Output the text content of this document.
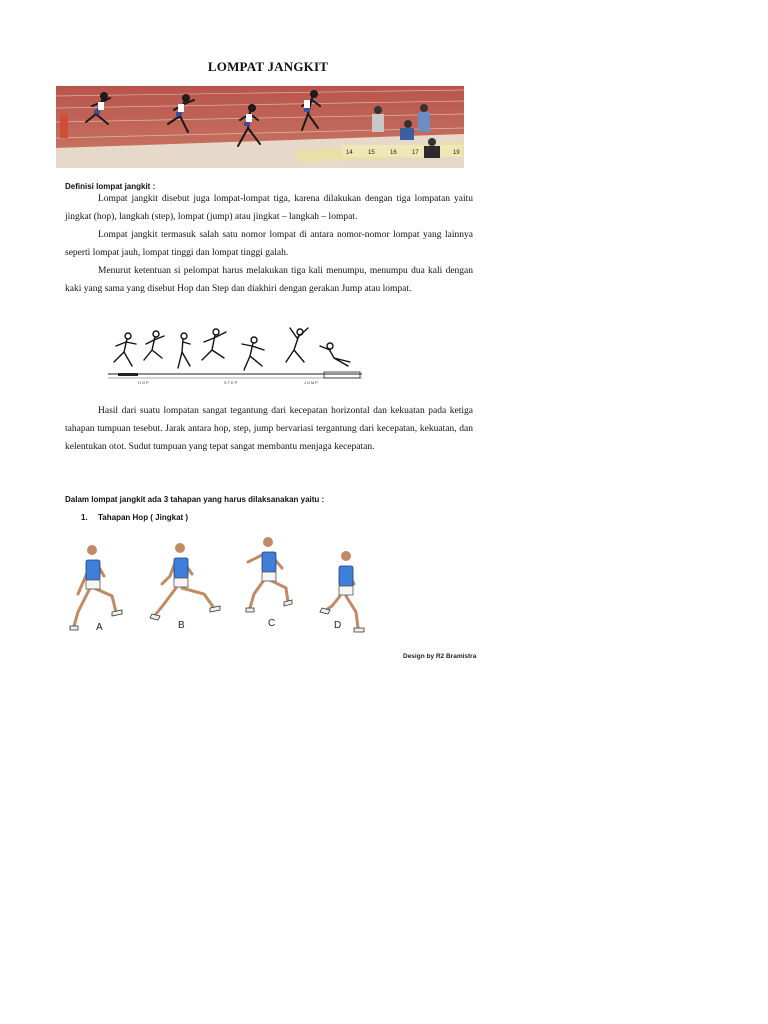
LOMPAT JANGKIT
14	15	16	17	19
Definisi lompat jangkit :

Lompat jangkit disebut juga lompat-lompat tiga, karena dilakukan dengan tiga lompatan yaitu jingkat (hop), langkah (step), lompat (jump) atau jingkat – langkah – lompat.

Lompat jangkit termasuk salah satu nomor lompat di antara nomor-nomor lompat yang lainnya seperti lompat jauh, lompat tinggi dan lompat tinggi galah.

Menurut ketentuan si pelompat harus melakukan tiga kali menumpu, menumpu dua kali dengan kaki yang sama yang disebut Hop dan Step dan diakhiri dengan gerakan Jump atau lompat.

HOP	STEP	JUMP

Hasil dari suatu lompatan sangat tegantung dari kecepatan horizontal dan kekuatan pada ketiga tahapan tumpuan tesebut. Jarak antara hop, step, jump bervariasi tergantung dari kecepatan, kekuatan, dan kelentukan otot. Sudut tumpuan yang tepat sangat membantu menjaga kecepatan.

Dalam lompat jangkit ada 3 tahapan yang harus dilaksanakan yaitu :
1. Tahapan Hop ( Jingkat )
A	B	C	D
Design by R2 Bramistra
